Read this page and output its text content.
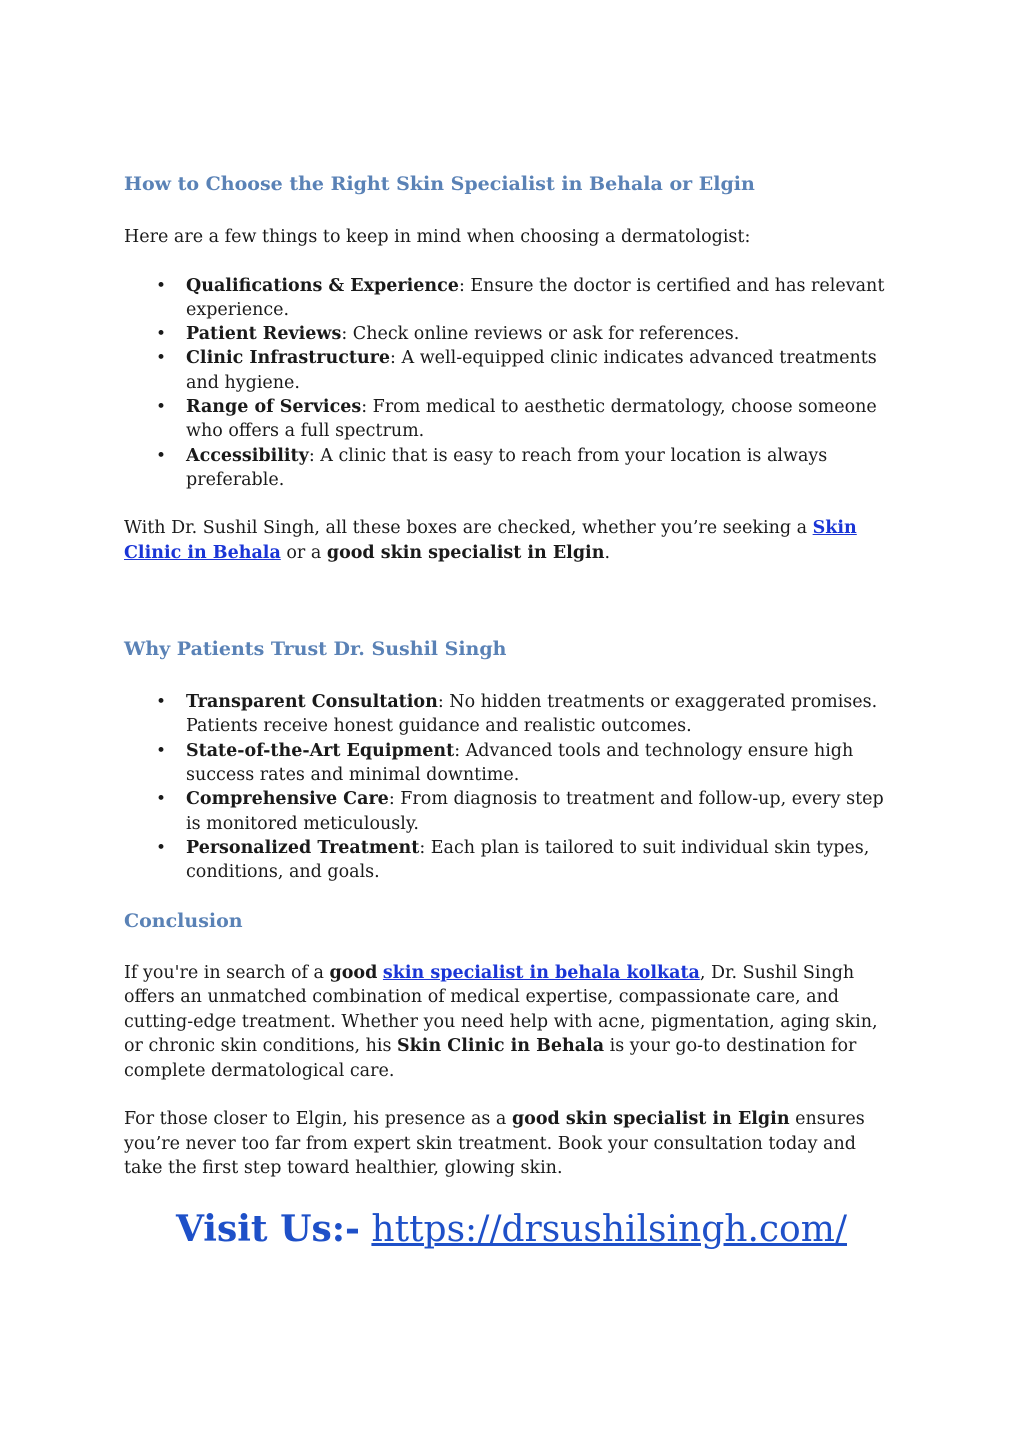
How to Choose the Right Skin Specialist in Behala or Elgin

Here are a few things to keep in mind when choosing a dermatologist:

• Qualifications & Experience: Ensure the doctor is certified and has relevant experience.
• Patient Reviews: Check online reviews or ask for references.
• Clinic Infrastructure: A well-equipped clinic indicates advanced treatments and hygiene.
• Range of Services: From medical to aesthetic dermatology, choose someone who offers a full spectrum.
• Accessibility: A clinic that is easy to reach from your location is always preferable.

With Dr. Sushil Singh, all these boxes are checked, whether you’re seeking a Skin Clinic in Behala or a good skin specialist in Elgin.

Why Patients Trust Dr. Sushil Singh
• Transparent Consultation: No hidden treatments or exaggerated promises. Patients receive honest guidance and realistic outcomes.
• State-of-the-Art Equipment: Advanced tools and technology ensure high success rates and minimal downtime.
• Comprehensive Care: From diagnosis to treatment and follow-up, every step is monitored meticulously.
• Personalized Treatment: Each plan is tailored to suit individual skin types, conditions, and goals.
Conclusion

If you're in search of a good skin specialist in behala kolkata, Dr. Sushil Singh offers an unmatched combination of medical expertise, compassionate care, and cutting-edge treatment. Whether you need help with acne, pigmentation, aging skin, or chronic skin conditions, his Skin Clinic in Behala is your go-to destination for complete dermatological care.

For those closer to Elgin, his presence as a good skin specialist in Elgin ensures you’re never too far from expert skin treatment. Book your consultation today and take the first step toward healthier, glowing skin.

Visit Us:- https://drsushilsingh.com/
